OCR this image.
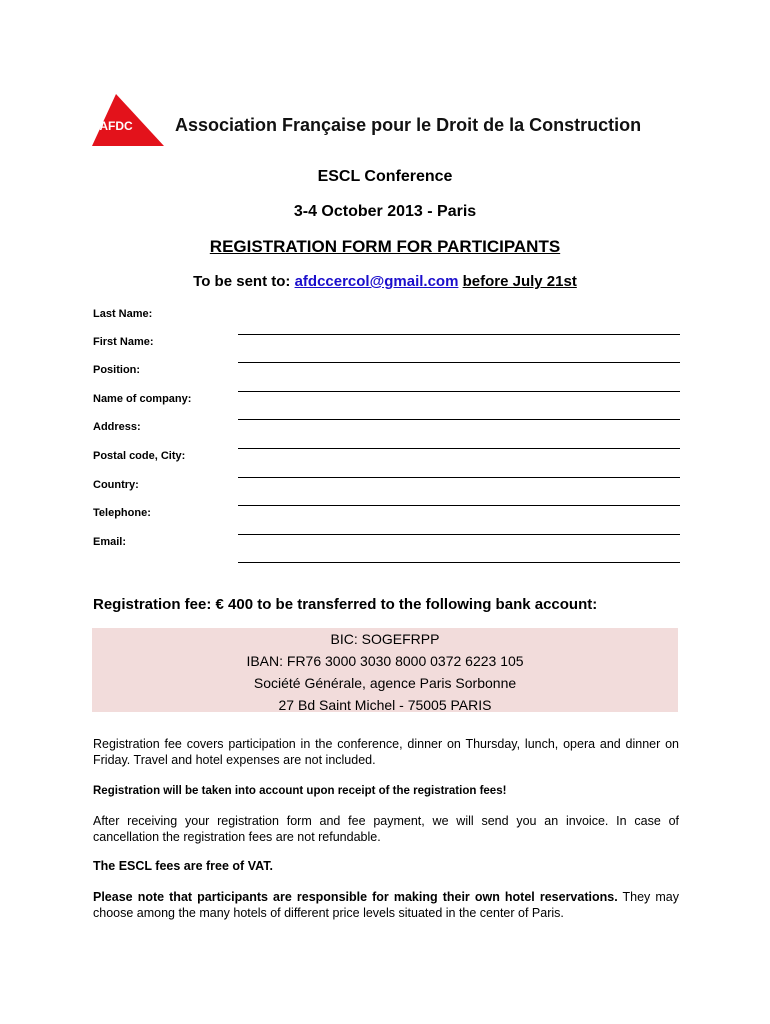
AFDC Association Française pour le Droit de la Construction
ESCL Conference
3-4 October 2013 - Paris
REGISTRATION FORM FOR PARTICIPANTS
To be sent to: afdccercol@gmail.com before July 21st
Last Name:
First Name:
Position:
Name of company:
Address:
Postal code, City:
Country:
Telephone:
Email:
Registration fee: € 400 to be transferred to the following bank account:
BIC: SOGEFRPP
IBAN: FR76 3000 3030 8000 0372 6223 105
Société Générale, agence Paris Sorbonne
27 Bd Saint Michel - 75005 PARIS
Registration fee covers participation in the conference, dinner on Thursday, lunch, opera and dinner on Friday. Travel and hotel expenses are not included.
Registration will be taken into account upon receipt of the registration fees!
After receiving your registration form and fee payment, we will send you an invoice. In case of cancellation the registration fees are not refundable.
The ESCL fees are free of VAT.
Please note that participants are responsible for making their own hotel reservations. They may choose among the many hotels of different price levels situated in the center of Paris.
